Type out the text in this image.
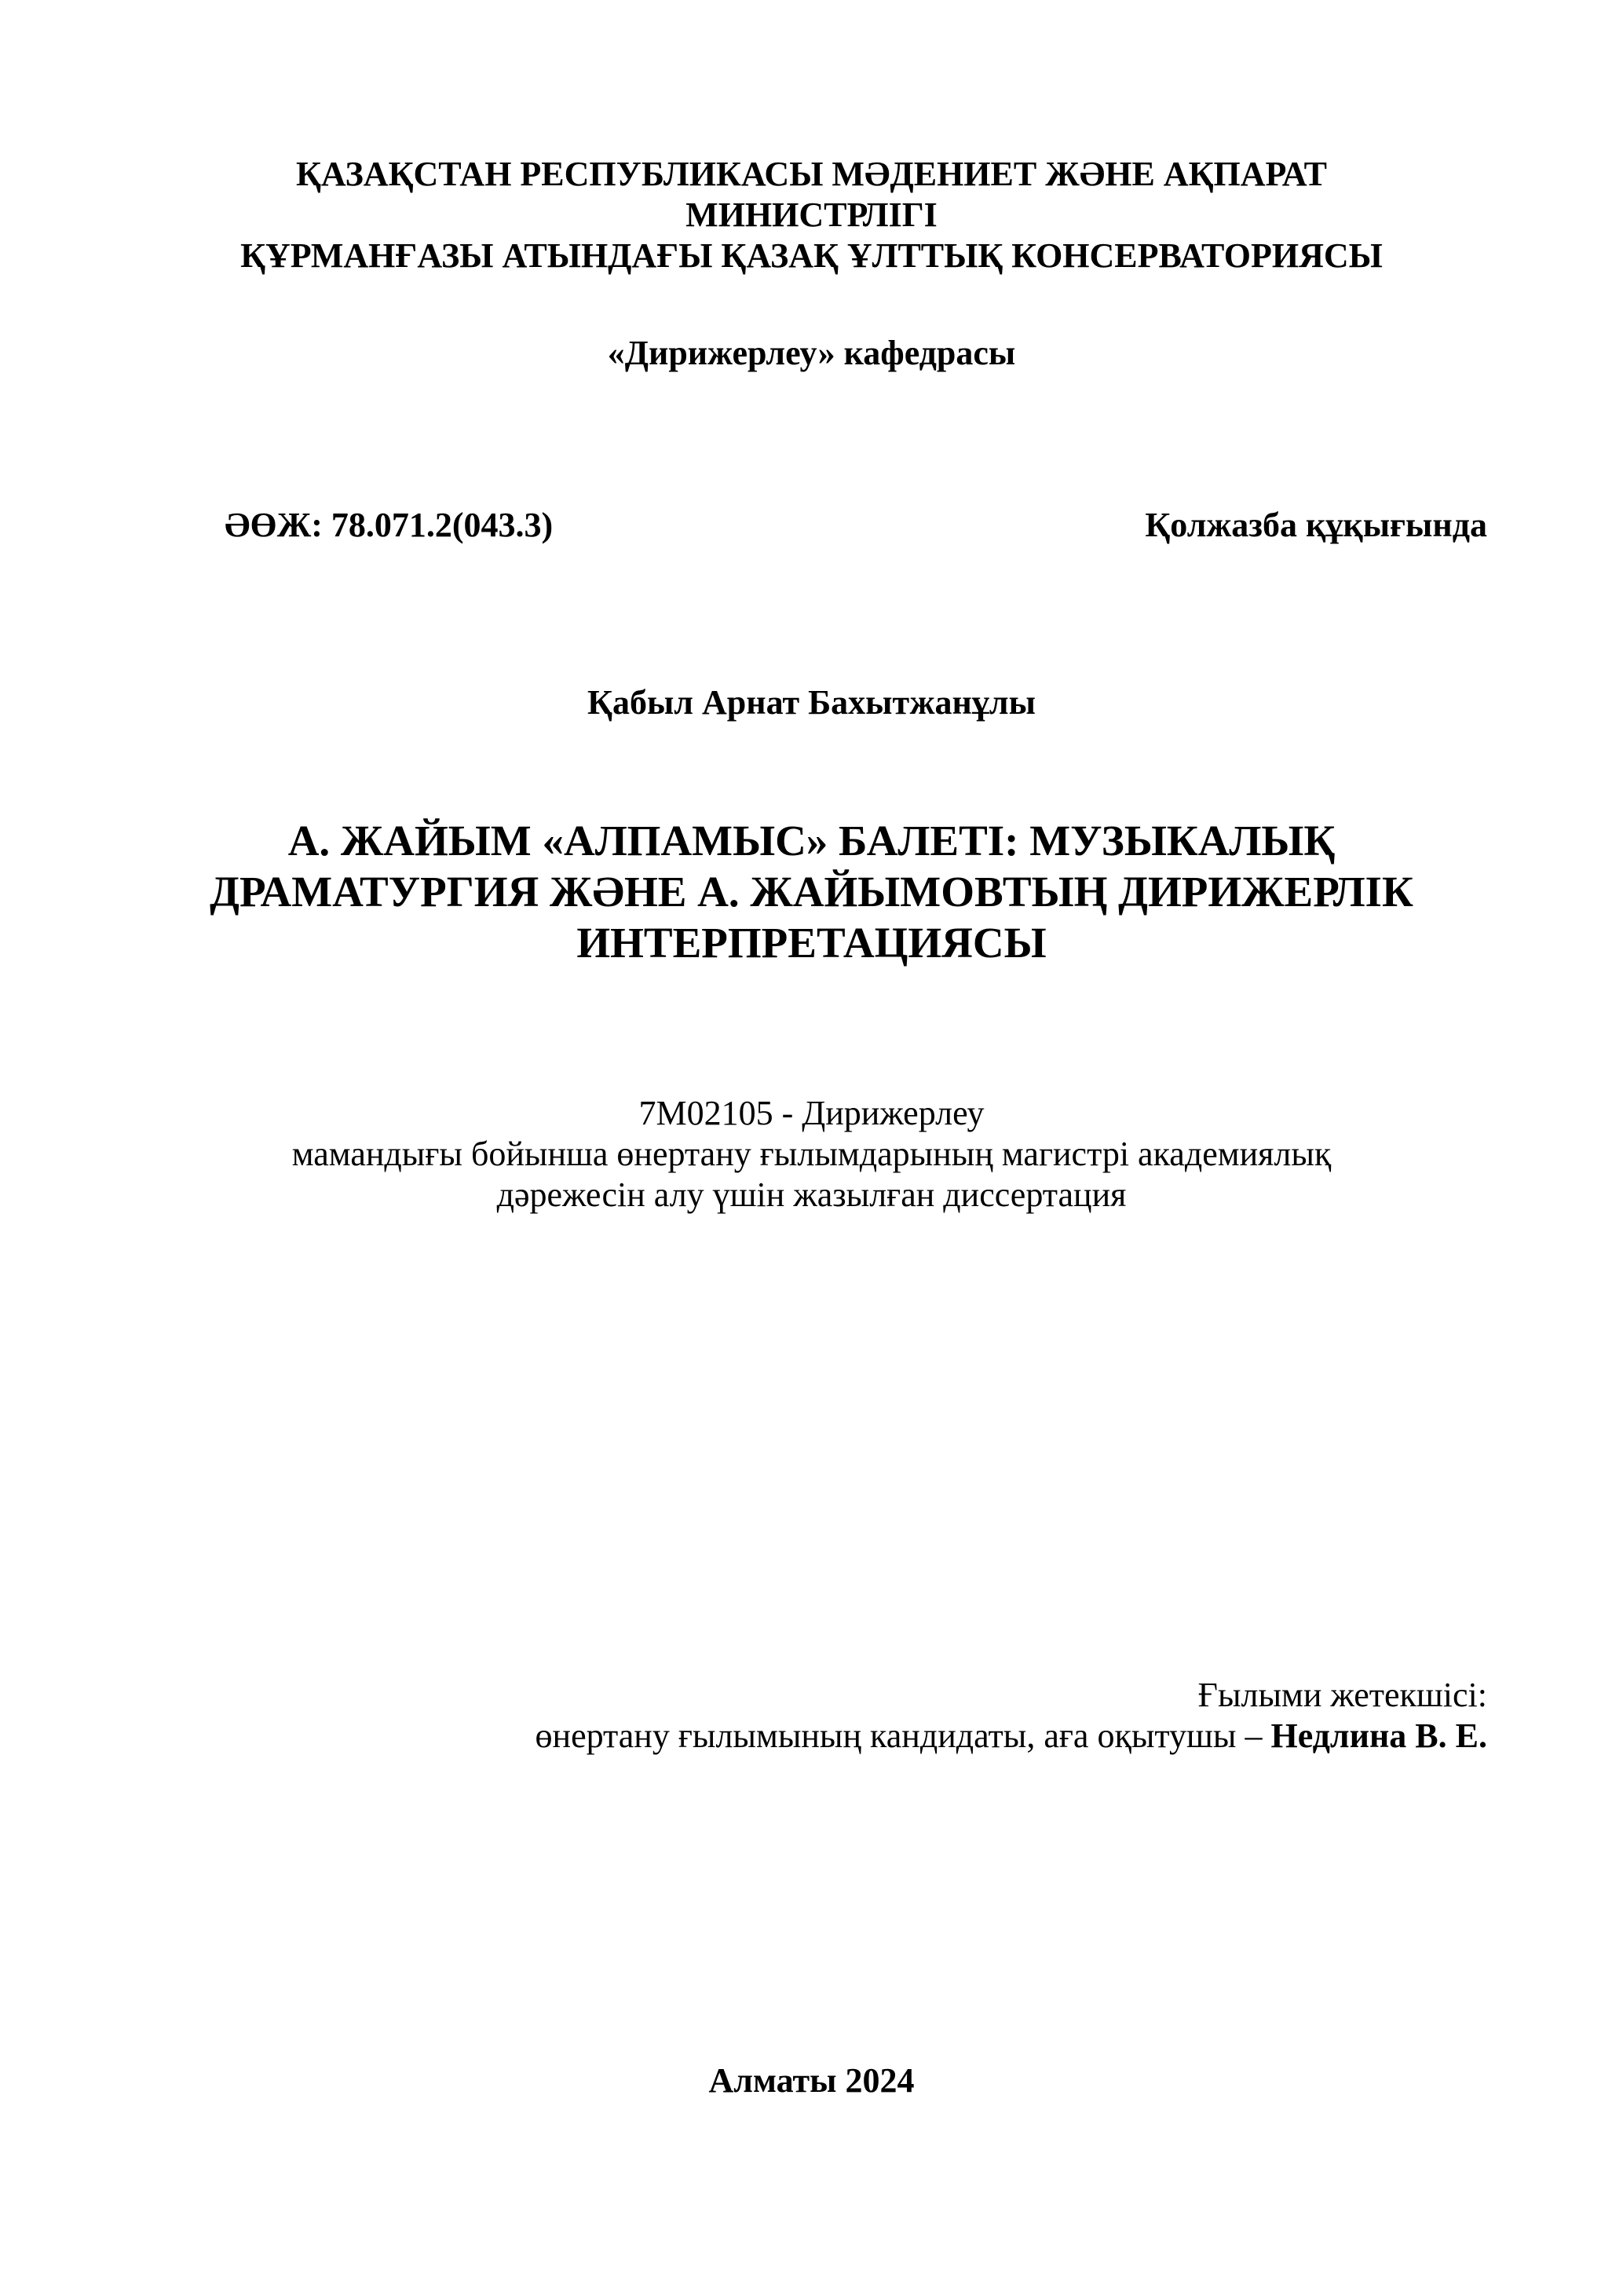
ҚАЗАҚСТАН РЕСПУБЛИКАСЫ МӘДЕНИЕТ ЖӘНЕ АҚПАРАТ
МИНИСТРЛІГІ
ҚҰРМАНҒАЗЫ АТЫНДАҒЫ ҚАЗАҚ ҰЛТТЫҚ КОНСЕРВАТОРИЯСЫ
«Дирижерлеу» кафедрасы
ӘӨЖ: 78.071.2(043.3)	Қолжазба құқығында
Қабыл Арнат Бахытжанұлы
А. ЖАЙЫМ «АЛПАМЫС» БАЛЕТІ: МУЗЫКАЛЫҚ
ДРАМАТУРГИЯ ЖӘНЕ А. ЖАЙЫМОВТЫҢ ДИРИЖЕРЛІК
ИНТЕРПРЕТАЦИЯСЫ
7М02105 - Дирижерлеу
мамандығы бойынша өнертану ғылымдарының магистрі академиялық
дәрежесін алу үшін жазылған диссертация
Ғылыми жетекшісі:
өнертану ғылымының кандидаты, аға оқытушы – Недлина В. Е.
Алматы 2024
